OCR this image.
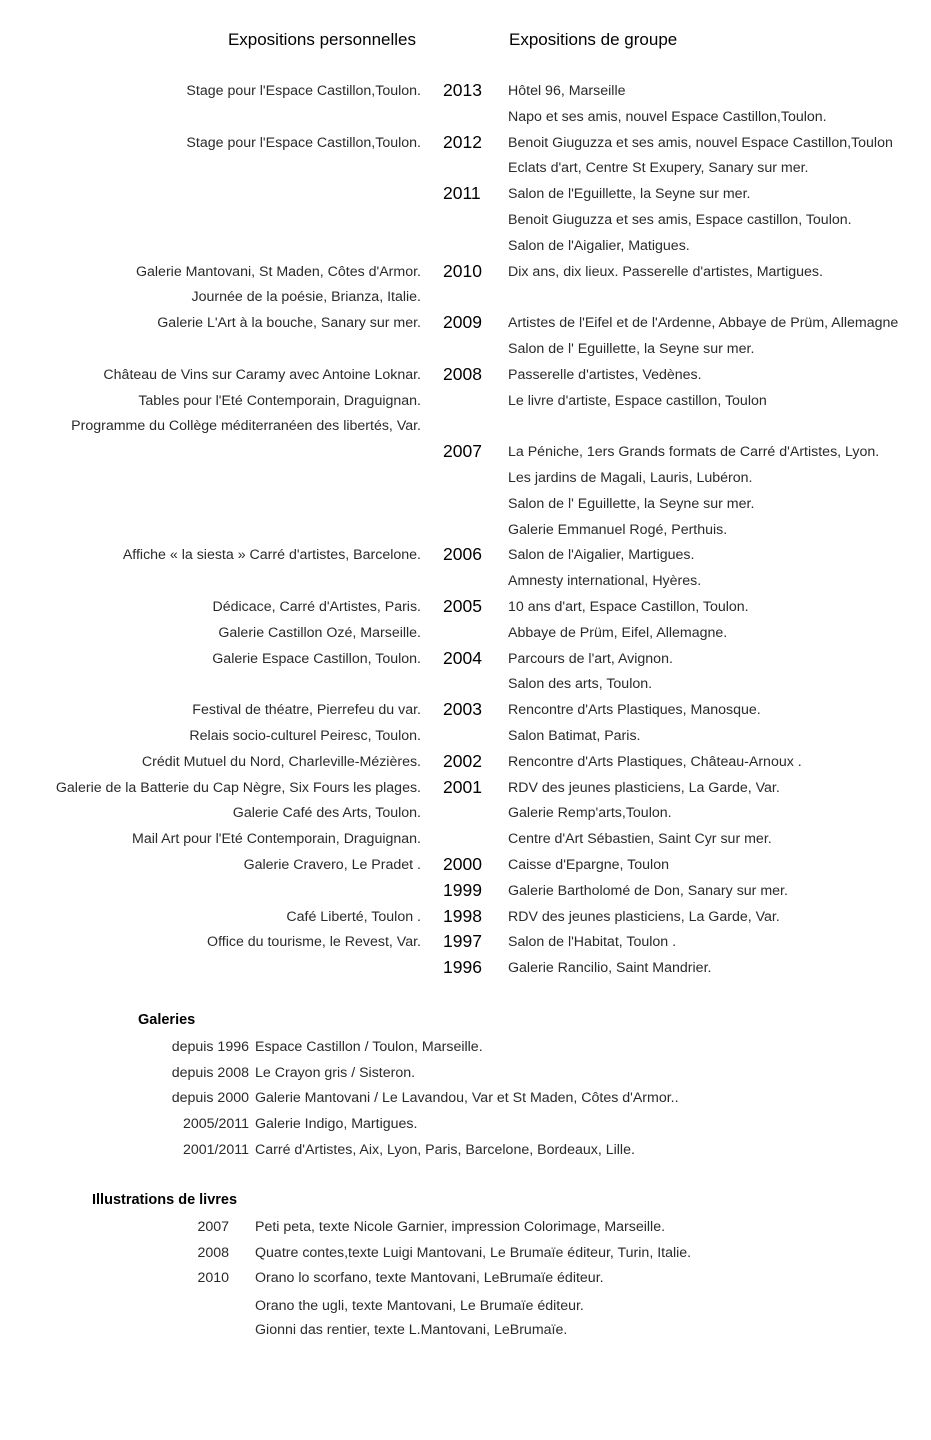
Expositions personnelles	Expositions de groupe
Stage pour l'Espace Castillon,Toulon. 2013 Hôtel 96, Marseille
Napo et ses amis, nouvel Espace Castillon,Toulon.
Stage pour l'Espace Castillon,Toulon. 2012 Benoit Giuguzza et ses amis, nouvel Espace Castillon,Toulon
Eclats d'art, Centre St Exupery, Sanary sur mer.
2011 Salon de l'Eguillette, la Seyne sur mer.
Benoit Giuguzza et ses amis, Espace castillon, Toulon.
Salon de l'Aigalier, Matigues.
Galerie Mantovani, St Maden, Côtes d'Armor. 2010 Dix ans, dix lieux. Passerelle d'artistes, Martigues.
Journée de la poésie, Brianza, Italie.
Galerie L'Art à la bouche, Sanary sur mer. 2009 Artistes de l'Eifel et de l'Ardenne, Abbaye de Prüm, Allemagne
Salon de l' Eguillette, la Seyne sur mer.
Château de Vins sur Caramy avec Antoine Loknar. 2008 Passerelle d'artistes, Vedènes.
Tables pour l'Eté Contemporain, Draguignan.	Le livre d'artiste, Espace castillon, Toulon
Programme du Collège méditerranéen des libertés, Var.
2007 La Péniche, 1ers Grands formats de Carré d'Artistes, Lyon.
Les jardins de Magali, Lauris, Lubéron.
Salon de l' Eguillette, la Seyne sur mer.
Galerie Emmanuel Rogé, Perthuis.
Affiche « la siesta » Carré d'artistes, Barcelone. 2006 Salon de l'Aigalier, Martigues.
Amnesty international, Hyères.
Dédicace, Carré d'Artistes, Paris. 2005 10 ans d'art, Espace Castillon, Toulon.
Galerie Castillon Ozé, Marseille.	Abbaye de Prüm, Eifel, Allemagne.
Galerie Espace Castillon, Toulon. 2004 Parcours de l'art, Avignon.
Salon des arts, Toulon.
Festival de théatre, Pierrefeu du var. 2003 Rencontre d'Arts Plastiques, Manosque.
Relais socio-culturel Peiresc, Toulon.	Salon Batimat, Paris.
Crédit Mutuel du Nord, Charleville-Mézières. 2002 Rencontre d'Arts Plastiques, Château-Arnoux .
Galerie de la Batterie du Cap Nègre, Six Fours les plages. 2001 RDV des jeunes plasticiens, La Garde, Var.
Galerie Café des Arts, Toulon.	Galerie Remp'arts,Toulon.
Mail Art pour l'Eté Contemporain, Draguignan.	Centre d'Art Sébastien, Saint Cyr sur mer.
Galerie Cravero, Le Pradet . 2000 Caisse d'Epargne, Toulon
1999 Galerie Bartholomé de Don, Sanary sur mer.
Café Liberté, Toulon . 1998 RDV des jeunes plasticiens, La Garde, Var.
Office du tourisme, le Revest, Var. 1997 Salon de l'Habitat, Toulon .
1996 Galerie Rancilio, Saint Mandrier.
Galeries
depuis 1996 Espace Castillon / Toulon, Marseille.
depuis 2008 Le Crayon gris / Sisteron.
depuis 2000 Galerie Mantovani / Le Lavandou, Var et St Maden, Côtes d'Armor..
2005/2011 Galerie Indigo, Martigues.
2001/2011 Carré d'Artistes, Aix, Lyon, Paris, Barcelone, Bordeaux, Lille.
Illustrations de livres
2007 Peti peta, texte Nicole Garnier, impression Colorimage, Marseille.
2008 Quatre contes,texte Luigi Mantovani, Le Brumaïe éditeur, Turin, Italie.
2010 Orano lo scorfano, texte Mantovani, LeBrumaïe éditeur.
Orano the ugli, texte Mantovani, Le Brumaïe éditeur.
Gionni das rentier, texte L.Mantovani, LeBrumaïe.
